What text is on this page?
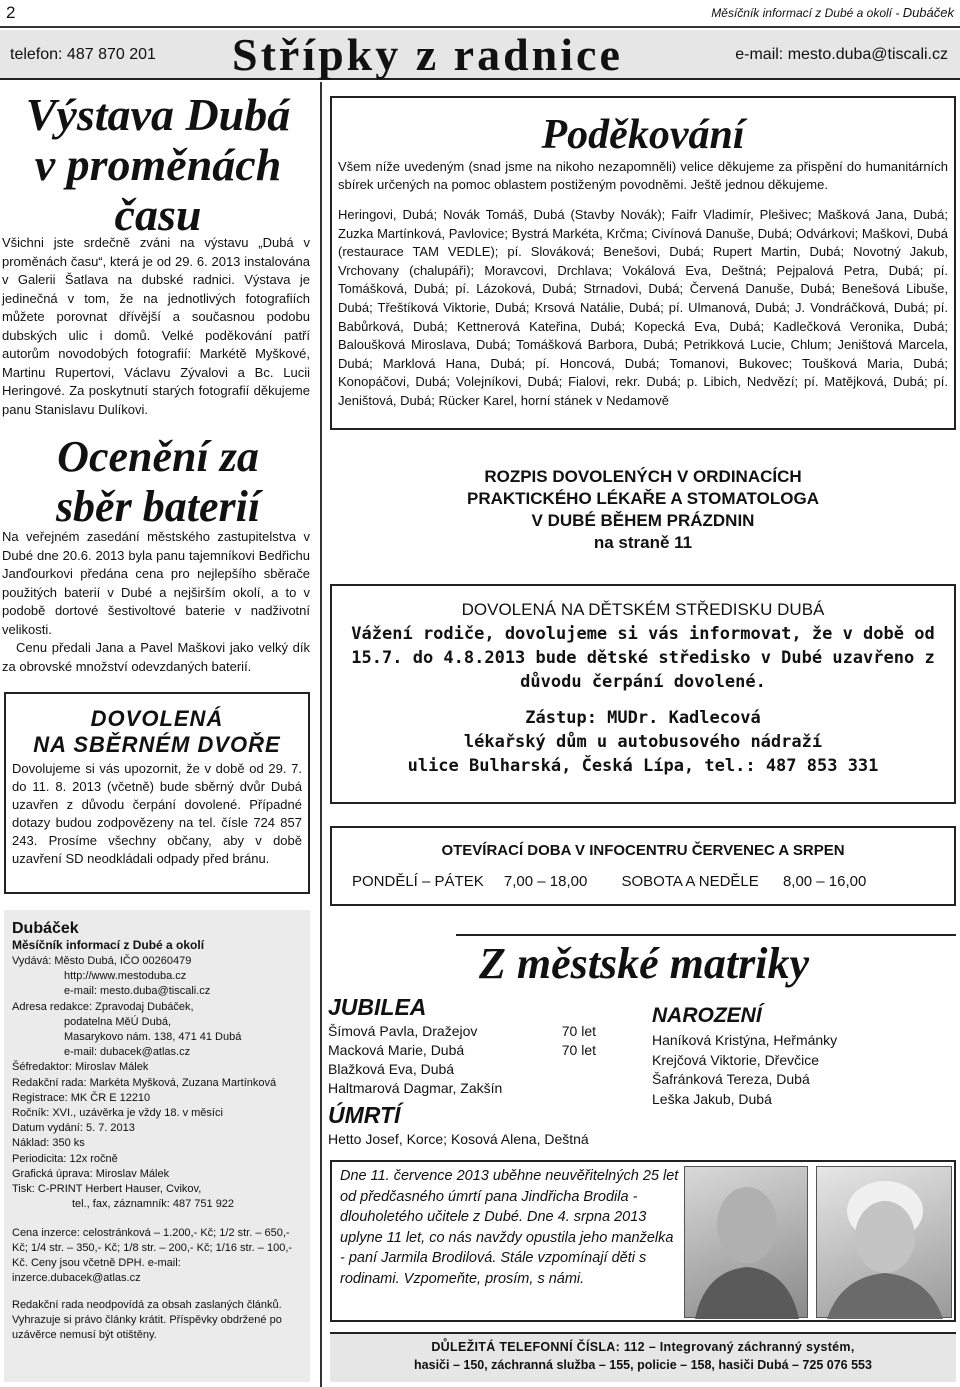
2	Měsíčník informací z Dubé a okolí - Dubáček
telefon: 487 870 201 Střípky z radnice	e-mail: mesto.duba@tiscali.cz
Výstava Dubá
v proměnách
času
Všichni jste srdečně zváni na výstavu „Dubá v proměnách času“, která je od 29. 6. 2013 instalována v Galerii Šatlava na dubské radnici. Výstava je jedinečná v tom, že na jednotlivých fotografiích můžete porovnat dřívější a současnou podobu dubských ulic i domů. Velké poděkování patří autorům novodobých fotografií: Markétě Myškové, Martinu Rupertovi, Václavu Zývalovi a Bc. Lucii Heringové. Za poskytnutí starých fotografií děkujeme panu Stanislavu Dulíkovi.
Ocenění za
sběr baterií

Na veřejném zasedání městského zastupitelstva v Dubé dne 20.6. 2013 byla panu tajemníkovi Bedřichu Janďourkovi předána cena pro nejlepšího sběrače použitých baterií v Dubé a nejširším okolí, a to v podobě dortové šestivoltové baterie v nadživotní velikosti.

Cenu předali Jana a Pavel Maškovi jako velký dík za obrovské množství odevzdaných baterií.

DOVOLENÁ
NA SBĚRNÉM DVOŘE
Dovolujeme si vás upozornit, že v době od 29. 7. do 11. 8. 2013 (včetně) bude sběrný dvůr Dubá uzavřen z důvodu čerpání dovolené. Případné dotazy budou zodpovězeny na tel. čísle 724 857 243. Prosíme všechny občany, aby v době uzavření SD neodkládali odpady před bránu.
Dubáček
Měsíčník informací z Dubé a okolí
Vydává: Město Dubá, IČO 00260479
http://www.mestoduba.cz
e-mail: mesto.duba@tiscali.cz
Adresa redakce: Zpravodaj Dubáček,
podatelna MěÚ Dubá,
Masarykovo nám. 138, 471 41 Dubá
e-mail: dubacek@atlas.cz
Šéfredaktor: Miroslav Málek
Redakční rada: Markéta Myšková, Zuzana Martínková
Registrace: MK ČR E 12210
Ročník: XVI., uzávěrka je vždy 18. v měsíci
Datum vydání: 5. 7. 2013
Náklad: 350 ks
Periodicita: 12x ročně
Grafická úprava: Miroslav Málek
Tisk: C-PRINT Herbert Hauser, Cvikov,
tel., fax, záznamník: 487 751 922
Cena inzerce: celostránková – 1.200,- Kč; 1/2 str. – 650,- Kč; 1/4 str. – 350,- Kč; 1/8 str. – 200,- Kč; 1/16 str. – 100,- Kč. Ceny jsou včetně DPH. e-mail: inzerce.dubacek@atlas.cz
Redakční rada neodpovídá za obsah zaslaných článků. Vyhrazuje si právo články krátit. Příspěvky obdržené po uzávěrce nemusí být otištěny.
Poděkování
Všem níže uvedeným (snad jsme na nikoho nezapomněli) velice děkujeme za přispění do humanitárních sbírek určených na pomoc oblastem postiženým povodněmi. Ještě jednou děkujeme.
Heringovi, Dubá; Novák Tomáš, Dubá (Stavby Novák); Faifr Vladimír, Plešivec; Mašková Jana, Dubá; Zuzka Martínková, Pavlovice; Bystrá Markéta, Krčma; Civínová Danuše, Dubá; Odvárkovi; Maškovi, Dubá (restaurace TAM VEDLE); pí. Slováková; Benešovi, Dubá; Rupert Martin, Dubá; Novotný Jakub, Vrchovany (chalupáři); Moravcovi, Drchlava; Vokálová Eva, Deštná; Pejpalová Petra, Dubá; pí. Tomášková, Dubá; pí. Lázoková, Dubá; Strnadovi, Dubá; Červená Danuše, Dubá; Benešová Libuše, Dubá; Třeštíková Viktorie, Dubá; Krsová Natálie, Dubá; pí. Ulmanová, Dubá; J. Vondráčková, Dubá; pí. Babůrková, Dubá; Kettnerová Kateřina, Dubá; Kopecká Eva, Dubá; Kadlečková Veronika, Dubá; Baloušková Miroslava, Dubá; Tomášková Barbora, Dubá; Petrikková Lucie, Chlum; Jeništová Marcela, Dubá; Marklová Hana, Dubá; pí. Honcová, Dubá; Tomanovi, Bukovec; Toušková Maria, Dubá; Konopáčovi, Dubá; Volejníkovi, Dubá; Fialovi, rekr. Dubá; p. Libich, Nedvězí; pí. Matějková, Dubá; pí. Jeništová, Dubá; Rücker Karel, horní stánek v Nedamově
ROZPIS DOVOLENÝCH V ORDINACÍCH
PRAKTICKÉHO LÉKAŘE A STOMATOLOGA
V DUBÉ BĚHEM PRÁZDNIN
na straně 11
DOVOLENÁ NA DĚTSKÉM STŘEDISKU DUBÁ
Vážení rodiče, dovolujeme si vás informovat, že v době od 15.7. do 4.8.2013 bude dětské středisko v Dubé uzavřeno z důvodu čerpání dovolené.
Zástup: MUDr. Kadlecová
lékařský dům u autobusového nádraží
ulice Bulharská, Česká Lípa, tel.: 487 853 331
OTEVÍRACÍ DOBA V INFOCENTRU ČERVENEC A SRPEN
PONDĚLÍ – PÁTEK 7,00 – 18,00 SOBOTA A NEDĚLE 8,00 – 16,00
Z městské matriky
JUBILEA
Šímová Pavla, Dražejov	70 let
Macková Marie, Dubá	70 let
Blažková Eva, Dubá
Haltmarová Dagmar, Zakšín
ÚMRTÍ
Hetto Josef, Korce; Kosová Alena, Deštná
NAROZENÍ
Haníková Kristýna, Heřmánky
Krejčová Viktorie, Dřevčice
Šafránková Tereza, Dubá
Leška Jakub, Dubá
Dne 11. července 2013 uběhne neuvěřitelných 25 let od předčasného úmrtí pana Jindřicha Brodila - dlouholetého učitele z Dubé. Dne 4. srpna 2013 uplyne 11 let, co nás navždy opustila jeho manželka - paní Jarmila Brodilová. Stále vzpomínají děti s rodinami. Vzpomeňte, prosím, s námi.
DŮLEŽITÁ TELEFONNÍ ČÍSLA: 112 – Integrovaný záchranný systém,
hasiči – 150, záchranná služba – 155, policie – 158, hasiči Dubá – 725 076 553
